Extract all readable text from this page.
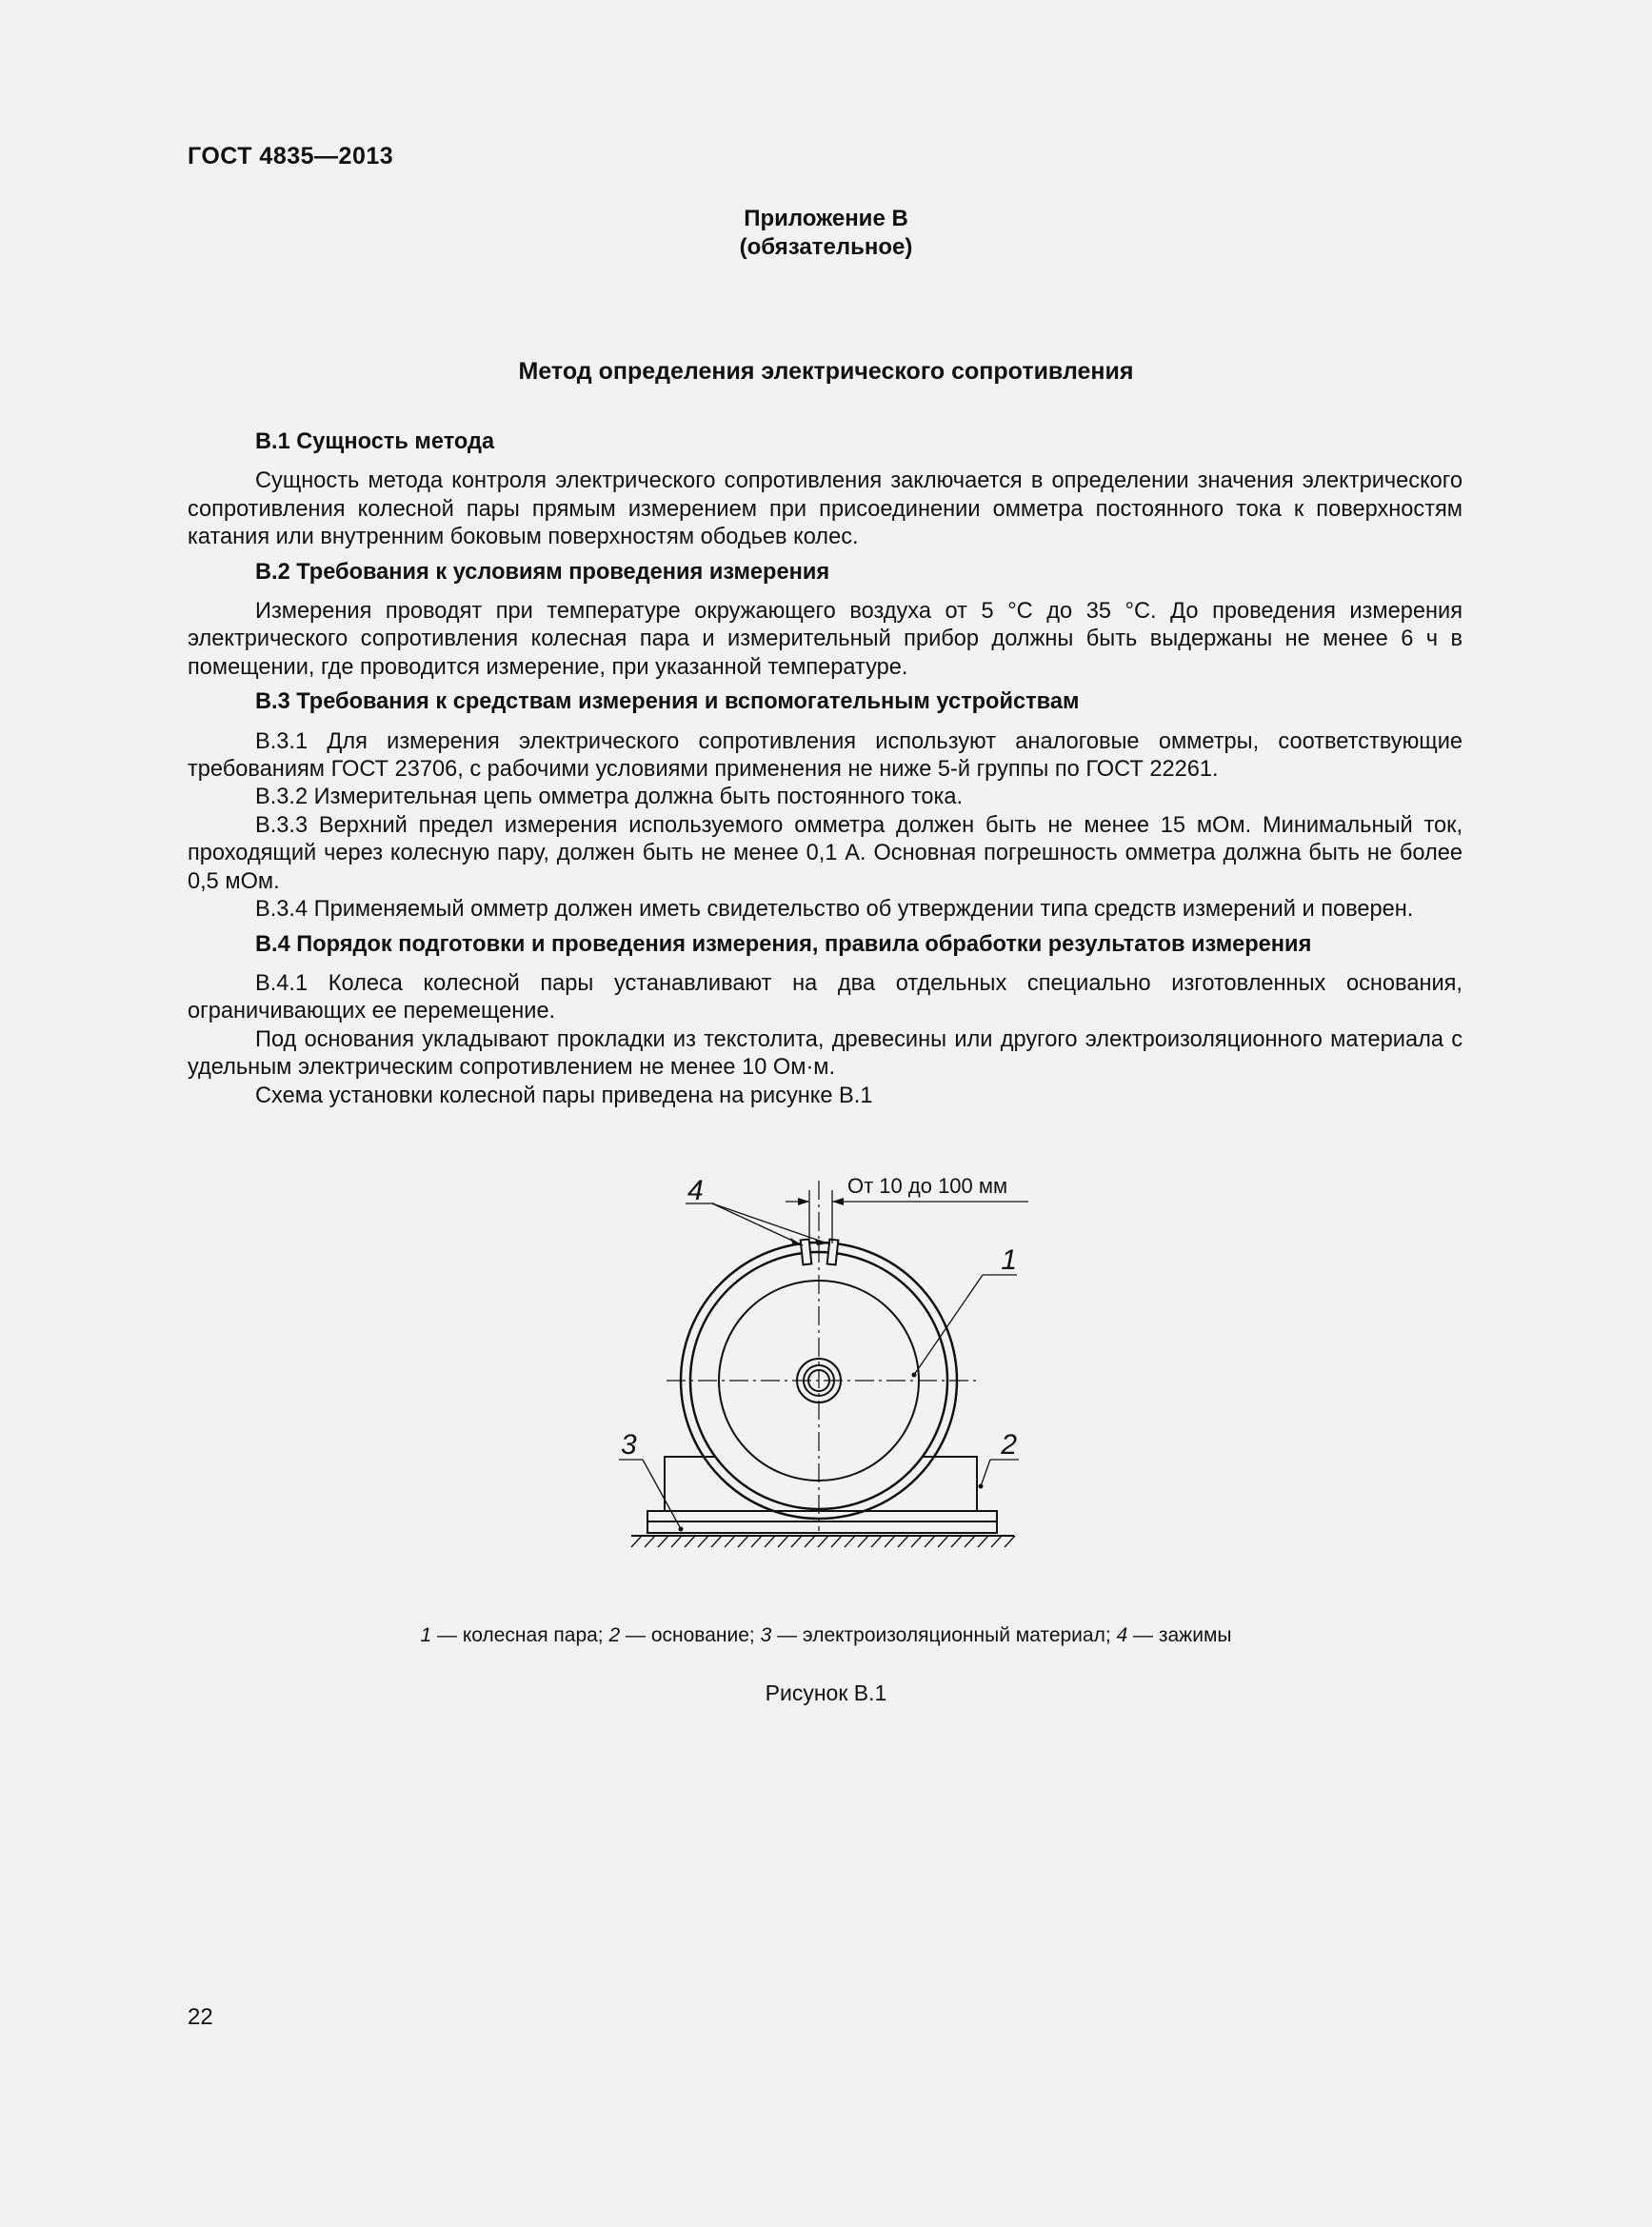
ГОСТ 4835—2013
Приложение В
(обязательное)
Метод определения электрического сопротивления

В.1 Сущность метода

Сущность метода контроля электрического сопротивления заключается в определении значения электрического сопротивления колесной пары прямым измерением при присоединении омметра постоянного тока к поверхностям катания или внутренним боковым поверхностям ободьев колес.

В.2 Требования к условиям проведения измерения

Измерения проводят при температуре окружающего воздуха от 5 °С до 35 °С. До проведения измерения электрического сопротивления колесная пара и измерительный прибор должны быть выдержаны не менее 6 ч в помещении, где проводится измерение, при указанной температуре.

В.3 Требования к средствам измерения и вспомогательным устройствам

В.3.1 Для измерения электрического сопротивления используют аналоговые омметры, соответствующие требованиям ГОСТ 23706, с рабочими условиями применения не ниже 5-й группы по ГОСТ 22261.

В.3.2 Измерительная цепь омметра должна быть постоянного тока.

В.3.3 Верхний предел измерения используемого омметра должен быть не менее 15 мОм. Минимальный ток, проходящий через колесную пару, должен быть не менее 0,1 А. Основная погрешность омметра должна быть не более 0,5 мОм.

В.3.4 Применяемый омметр должен иметь свидетельство об утверждении типа средств измерений и поверен.

В.4 Порядок подготовки и проведения измерения, правила обработки результатов измерения

В.4.1 Колеса колесной пары устанавливают на два отдельных специально изготовленных основания, ограничивающих ее перемещение.

Под основания укладывают прокладки из текстолита, древесины или другого электроизоляционного материала с удельным электрическим сопротивлением не менее 10 Ом·м.

Схема установки колесной пары приведена на рисунке В.1

4
1
3	2
От 10 до 100 мм
1 — колесная пара; 2 — основание; 3 — электроизоляционный материал; 4 — зажимы
Рисунок В.1
22
